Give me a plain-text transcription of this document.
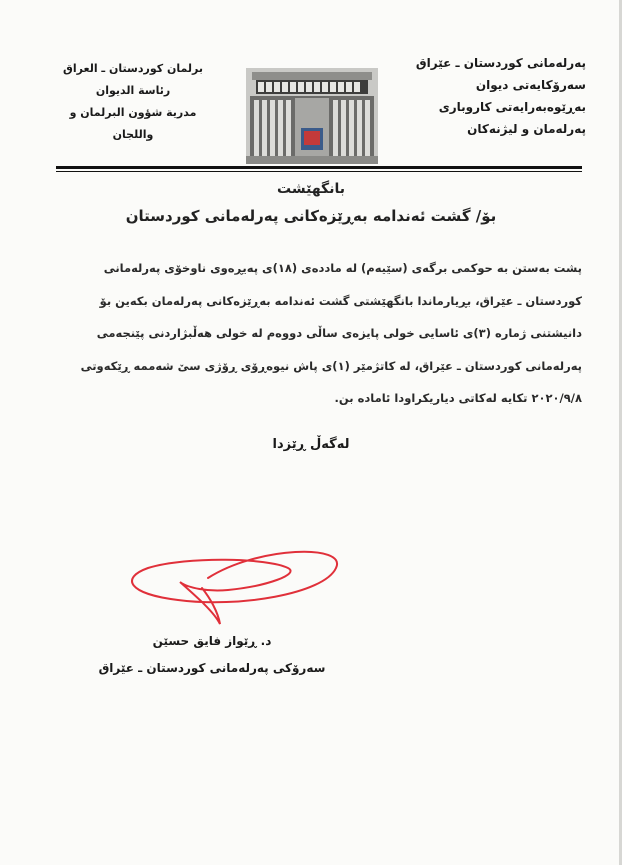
پەرلەمانی کوردستان ـ عێراق
سەرۆکایەتی دیوان
بەڕێوەبەرایەتی کاروباری
پەرلەمان و لیژنەکان
برلمان كوردستان ـ العراق
رئاسة الديوان
مدرية شؤون البرلمان و واللجان
بانگهێشت
بۆ/ گشت ئەندامە بەڕێزەکانی پەرلەمانی کوردستان
پشت بەستن بە حوکمی برگەی (سێیەم) لە ماددەی (١٨)ی پەیڕەوی ناوخۆی پەرلەمانی
کوردستان ـ عێراق، بڕیارماندا بانگهێشتی گشت ئەندامە بەڕێزەکانی پەرلەمان بکەین بۆ
دانیشتنی ژمارە (٣)ی ئاسایی خولی پایزەی ساڵی دووەم لە خولی هەڵبژاردنی پێنجەمی
پەرلەمانی کوردستان ـ عێراق، لە کاتژمێر (١)ی پاش نیوەڕۆی ڕۆژی سێ شەممە ڕێکەوتی
٢٠٢٠/٩/٨ تکایە لەکاتی دیاریکراودا ئامادە بن.
لەگەڵ ڕێزدا
د. ڕێواز فایق حسێن
سەرۆکی پەرلەمانی کوردستان ـ عێراق
